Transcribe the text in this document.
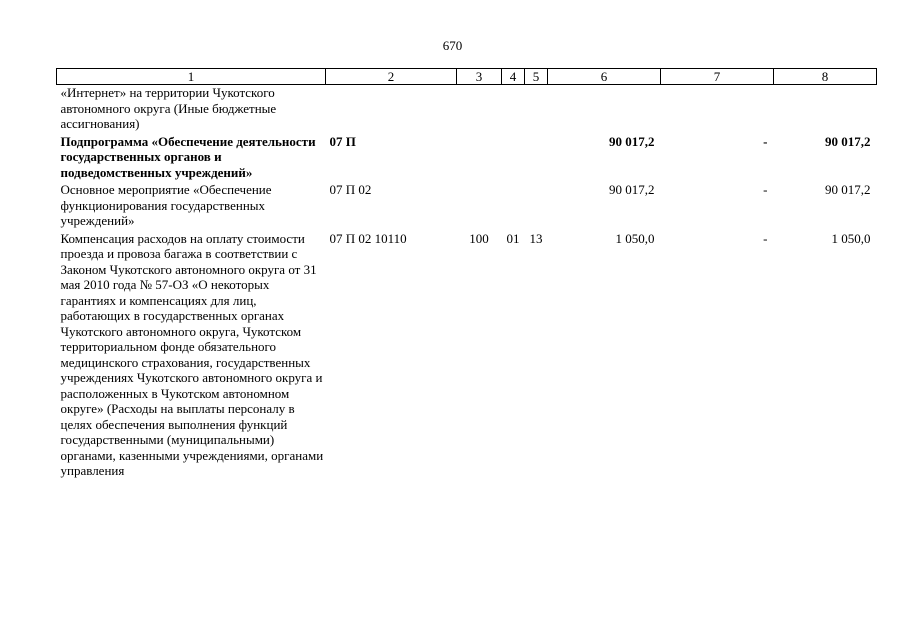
670
1	2	3	4	5	6	7	8
«Интернет» на территории Чукотского автономного округа (Иные бюджетные ассигнования)							
Подпрограмма «Обеспечение деятельности государственных органов и подведомственных учреждений»	07 П				90 017,2	-	90 017,2
Основное мероприятие «Обеспечение функционирования государственных учреждений»	07 П 02				90 017,2	-	90 017,2
Компенсация расходов на оплату стоимости проезда и провоза багажа в соответствии с Законом Чукотского автономного округа от 31 мая 2010 года № 57-ОЗ «О некоторых гарантиях и компенсациях для лиц, работающих в государственных органах Чукотского автономного округа, Чукотском территориальном фонде обязательного медицинского страхования, государственных учреждениях Чукотского автономного округа и расположенных в Чукотском автономном округе» (Расходы на выплаты персоналу в целях обеспечения выполнения функций государственными (муниципальными) органами, казенными учреждениями, органами управления	07 П 02 10110	100	01	13	1 050,0	-	1 050,0
